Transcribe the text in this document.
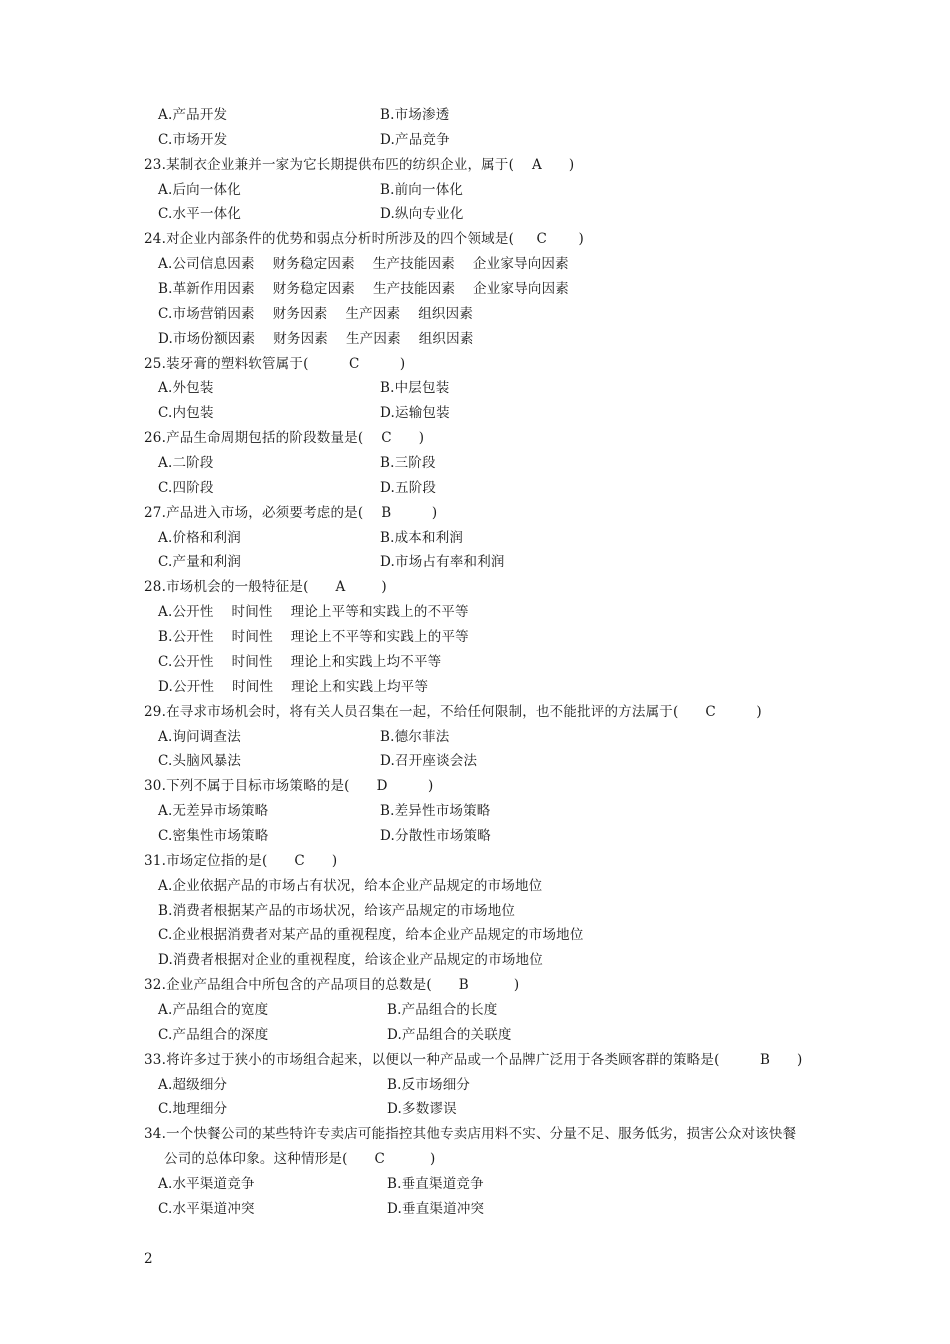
A.产品开发	B.市场渗透
C.市场开发	D.产品竞争
23.某制衣企业兼并一家为它长期提供布匹的纺织企业，属于(    A      )
A.后向一体化	B.前向一体化
C.水平一体化	D.纵向专业化
24.对企业内部条件的优势和弱点分析时所涉及的四个领域是(     C       )
A.公司信息因素    财务稳定因素    生产技能因素    企业家导向因素
B.革新作用因素    财务稳定因素    生产技能因素    企业家导向因素
C.市场营销因素    财务因素    生产因素    组织因素
D.市场份额因素    财务因素    生产因素    组织因素
25.装牙膏的塑料软管属于(         C         )
A.外包装	B.中层包装
C.内包装	D.运输包装
26.产品生命周期包括的阶段数量是(    C      )
A.二阶段	B.三阶段
C.四阶段	D.五阶段
27.产品进入市场，必须要考虑的是(    B         )
A.价格和利润	B.成本和利润
C.产量和利润	D.市场占有率和利润
28.市场机会的一般特征是(      A        )
A.公开性    时间性    理论上平等和实践上的不平等
B.公开性    时间性    理论上不平等和实践上的平等
C.公开性    时间性    理论上和实践上均不平等
D.公开性    时间性    理论上和实践上均平等
29.在寻求市场机会时，将有关人员召集在一起，不给任何限制，也不能批评的方法属于(      C         )
A.询问调查法	B.德尔菲法
C.头脑风暴法	D.召开座谈会法
30.下列不属于目标市场策略的是(      D         )
A.无差异市场策略	B.差异性市场策略
C.密集性市场策略	D.分散性市场策略
31.市场定位指的是(      C      )
A.企业依据产品的市场占有状况，给本企业产品规定的市场地位
B.消费者根据某产品的市场状况，给该产品规定的市场地位
C.企业根据消费者对某产品的重视程度，给本企业产品规定的市场地位
D.消费者根据对企业的重视程度，给该企业产品规定的市场地位
32.企业产品组合中所包含的产品项目的总数是(      B          )
A.产品组合的宽度	B.产品组合的长度
C.产品组合的深度	D.产品组合的关联度
33.将许多过于狭小的市场组合起来，以便以一种产品或一个品牌广泛用于各类顾客群的策略是(         B      )
A.超级细分	B.反市场细分
C.地理细分	D.多数谬误
34.一个快餐公司的某些特许专卖店可能指控其他专卖店用料不实、分量不足、服务低劣，损害公众对该快餐
公司的总体印象。这种情形是(      C          )
A.水平渠道竞争	B.垂直渠道竞争
C.水平渠道冲突	D.垂直渠道冲突
2
